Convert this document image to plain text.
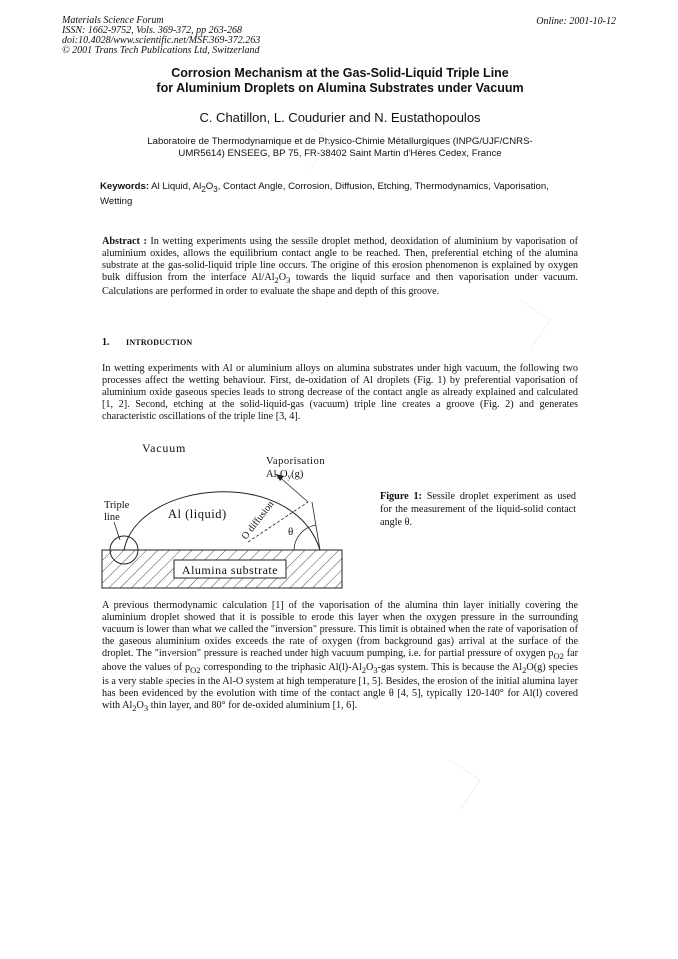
Materials Science Forum
ISSN: 1662-9752, Vols. 369-372, pp 263-268
doi:10.4028/www.scientific.net/MSF.369-372.263
© 2001 Trans Tech Publications Ltd, Switzerland
Online: 2001-10-12
Corrosion Mechanism at the Gas-Solid-Liquid Triple Line
for Aluminium Droplets on Alumina Substrates under Vacuum
C. Chatillon, L. Coudurier and N. Eustathopoulos
Laboratoire de Thermodynamique et de Physico-Chimie Métallurgiques (INPG/UJF/CNRS-
UMR5614) ENSEEG, BP 75, FR-38402 Saint Martin d'Hères Cedex, France
Keywords: Al Liquid, $Al_2O_3$, Contact Angle, Corrosion, Diffusion, Etching, Thermodynamics, Vaporisation, Wetting
Abstract : In wetting experiments using the sessile droplet method, deoxidation of aluminium by vaporisation of aluminium oxides, allows the equilibrium contact angle to be reached. Then, preferential etching of the alumina substrate at the gas-solid-liquid triple line occurs. The origine of this erosion phenomenon is explained by oxygen bulk diffusion from the interface $Al/Al_2O_3$ towards the liquid surface and then vaporisation under vacuum. Calculations are performed in order to evaluate the shape and depth of this groove.
1. INTRODUCTION
In wetting experiments with Al or aluminium alloys on alumina substrates under high vacuum, the following two processes affect the wetting behaviour. First, de-oxidation of Al droplets (Fig. 1) by preferential vaporisation of aluminium oxide gaseous species leads to strong decrease of the contact angle as already explained and calculated [1, 2]. Second, etching at the solid-liquid-gas (vacuum) triple line creates a groove (Fig. 2) and generates characteristic oscillations of the triple line [3, 4].
Alumina substrate
Vacuum
Vaporisation
AlxOy(g)
Triple
line	Al (liquid) O diffusion θ
Figure 1: Sessile droplet experiment as used for the measurement of the liquid-solid contact angle θ.
A previous thermodynamic calculation [1] of the vaporisation of the alumina thin layer initially covering the aluminium droplet showed that it is possible to erode this layer when the oxygen pressure in the surrounding vacuum is lower than what we called the "inversion" pressure. This limit is obtained when the rate of vaporisation of the gaseous aluminium oxides exceeds the rate of oxygen (from background gas) arrival at the surface of the droplet. The "inversion" pressure is reached under high vacuum pumping, i.e. for partial pressure of oxygen $p_{O2}$ far above the values of $p_{O2}$ corresponding to the triphasic $Al(l)-Al_2O_3$-gas system. This is because the $Al_2O(g)$ species is a very stable species in the Al-O system at high temperature [1, 5]. Besides, the erosion of the initial alumina layer has been evidenced by the evolution with time of the contact angle θ [4, 5], typically 120-140° for Al(l) covered with $Al_2O_3$ thin layer, and 80° for de-oxided aluminium [1, 6].
